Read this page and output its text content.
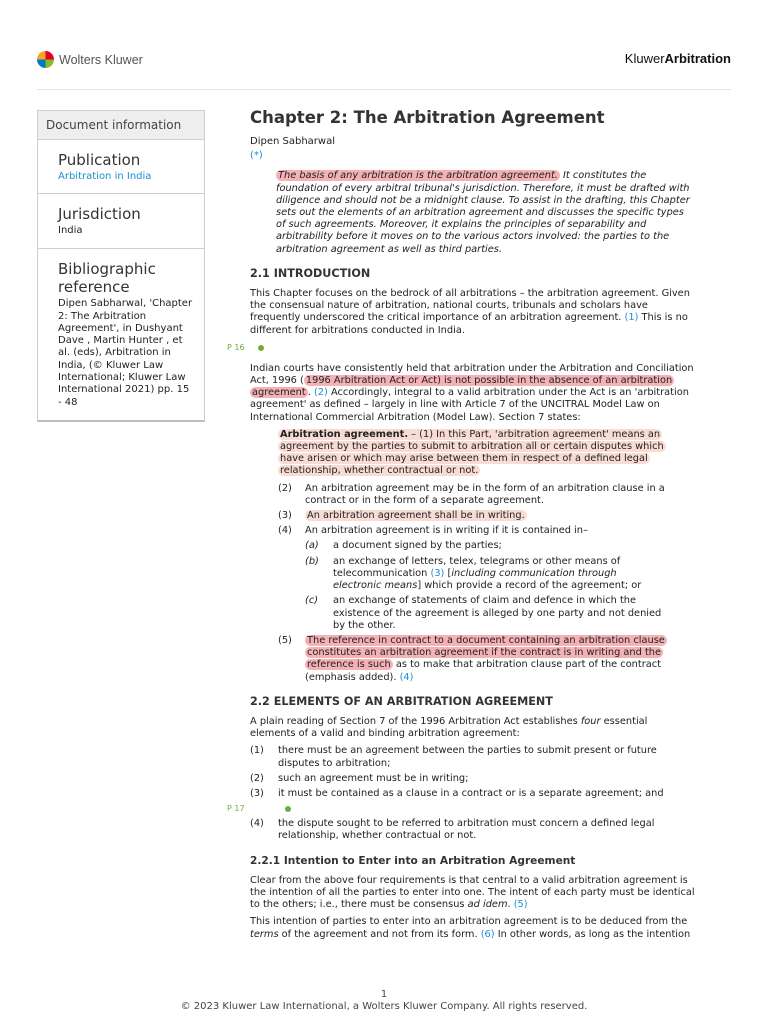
Wolters Kluwer	KluwerArbitration
Document information
Publication
Arbitration in India
Jurisdiction
India
Bibliographic
reference
Dipen Sabharwal, 'Chapter 2: The Arbitration Agreement', in Dushyant Dave , Martin Hunter , et al. (eds), Arbitration in India, (© Kluwer Law International; Kluwer Law International 2021) pp. 15 - 48
Chapter 2: The Arbitration Agreement
Dipen Sabharwal
(*)
The basis of any arbitration is the arbitration agreement. It constitutes the foundation of every arbitral tribunal's jurisdiction. Therefore, it must be drafted with diligence and should not be a midnight clause. To assist in the drafting, this Chapter sets out the elements of an arbitration agreement and discusses the specific types of such agreements. Moreover, it explains the principles of separability and arbitrability before it moves on to the various actors involved: the parties to the arbitration agreement as well as third parties.
2.1 INTRODUCTION

This Chapter focuses on the bedrock of all arbitrations – the arbitration agreement. Given the consensual nature of arbitration, national courts, tribunals and scholars have frequently underscored the critical importance of an arbitration agreement. (1) This is no different for arbitrations conducted in India.

P 16

Indian courts have consistently held that arbitration under the Arbitration and Conciliation Act, 1996 ( 1996 Arbitration Act or Act) is not possible in the absence of an arbitration agreement . (2) Accordingly, integral to a valid arbitration under the Act is an 'arbitration agreement' as defined – largely in line with Article 7 of the UNCITRAL Model Law on International Commercial Arbitration (Model Law). Section 7 states:

Arbitration agreement. – (1) In this Part, 'arbitration agreement' means an agreement by the parties to submit to arbitration all or certain disputes which have arisen or which may arise between them in respect of a defined legal relationship, whether contractual or not.

(2)	An arbitration agreement may be in the form of an arbitration clause in a contract or in the form of a separate agreement.
(3)	An arbitration agreement shall be in writing.
(4)	An arbitration agreement is in writing if it is contained in–
(a)	a document signed by the parties;
(b)	an exchange of letters, telex, telegrams or other means of telecommunication (3) [including communication through electronic means] which provide a record of the agreement; or
(c)	an exchange of statements of claim and defence in which the existence of the agreement is alleged by one party and not denied by the other.
(5)	The reference in contract to a document containing an arbitration clause constitutes an arbitration agreement if the contract is in writing and the reference is such as to make that arbitration clause part of the contract (emphasis added). (4)
2.2 ELEMENTS OF AN ARBITRATION AGREEMENT

A plain reading of Section 7 of the 1996 Arbitration Act establishes four essential elements of a valid and binding arbitration agreement:

(1)	there must be an agreement between the parties to submit present or future disputes to arbitration;
(2)	such an agreement must be in writing;
(3)	it must be contained as a clause in a contract or is a separate agreement; and
P 17
(4)	the dispute sought to be referred to arbitration must concern a defined legal relationship, whether contractual or not.
2.2.1 Intention to Enter into an Arbitration Agreement

Clear from the above four requirements is that central to a valid arbitration agreement is the intention of all the parties to enter into one. The intent of each party must be identical to the others; i.e., there must be consensus ad idem. (5)

This intention of parties to enter into an arbitration agreement is to be deduced from the terms of the agreement and not from its form. (6) In other words, as long as the intention

1
© 2023 Kluwer Law International, a Wolters Kluwer Company. All rights reserved.
